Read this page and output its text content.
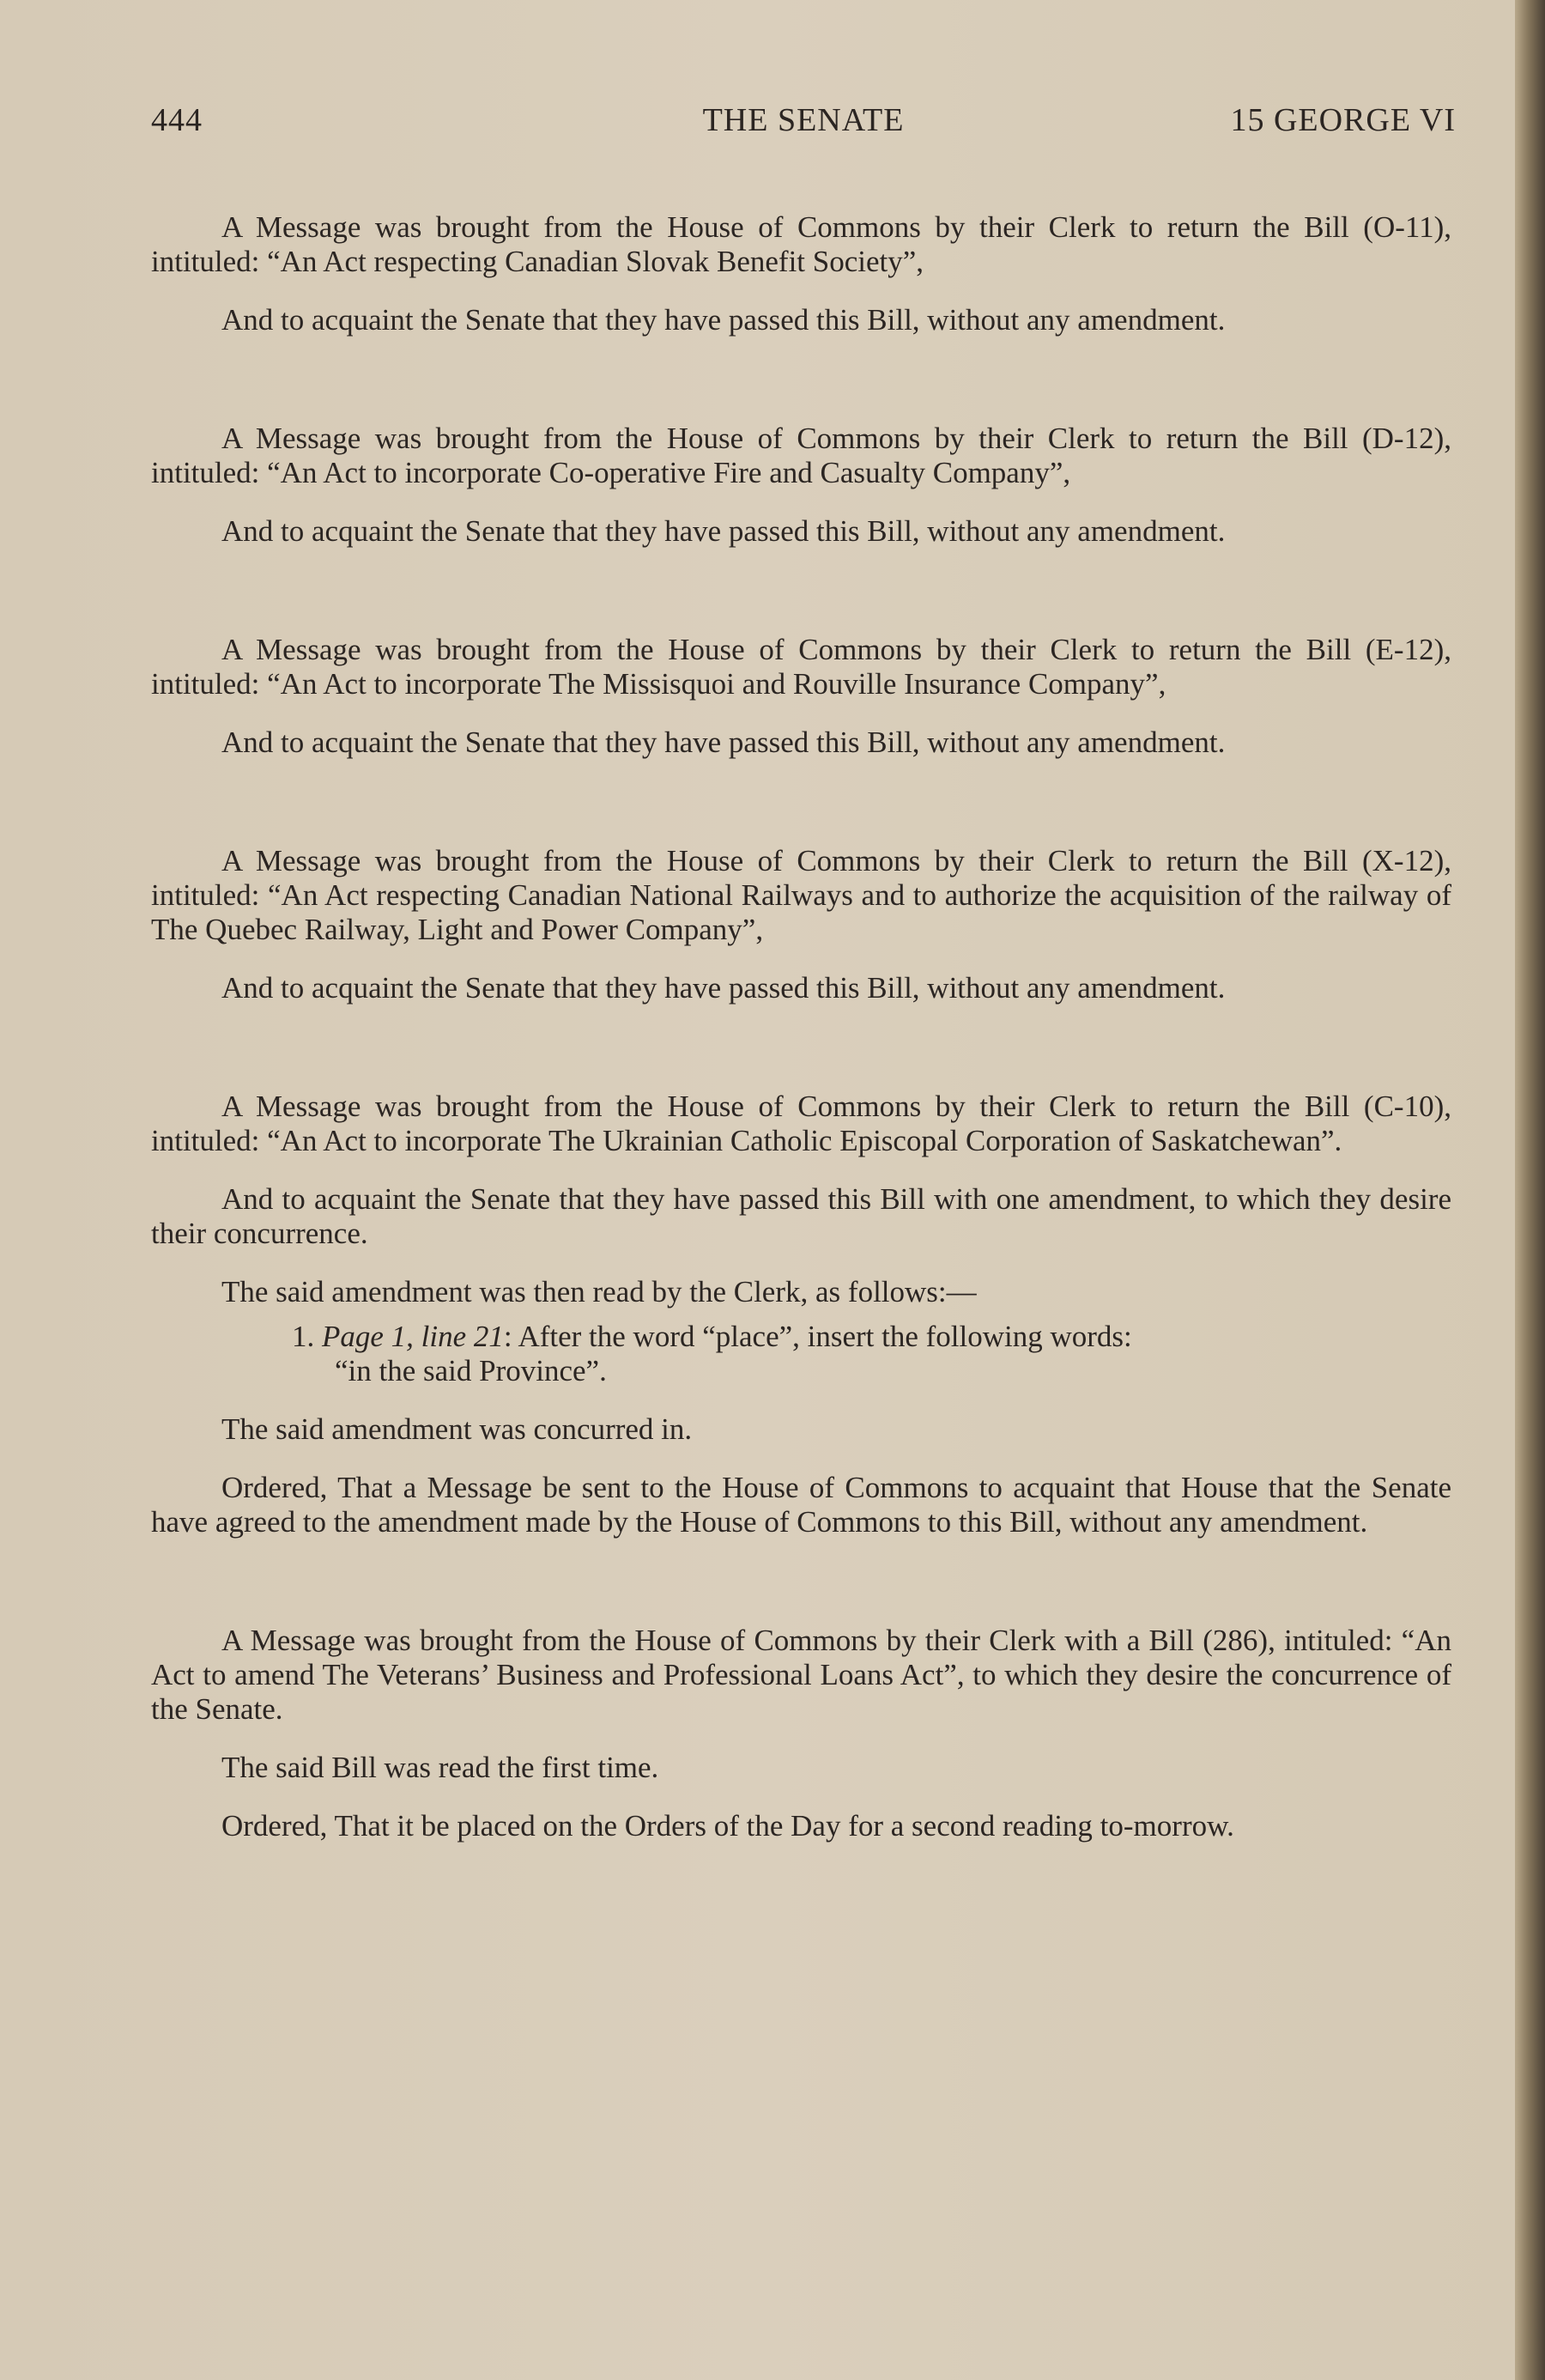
444	THE SENATE	15 GEORGE VI

A Message was brought from the House of Commons by their Clerk to return the Bill (O-11), intituled: “An Act respecting Canadian Slovak Benefit Society”,

And to acquaint the Senate that they have passed this Bill, without any amendment.

A Message was brought from the House of Commons by their Clerk to return the Bill (D-12), intituled: “An Act to incorporate Co-operative Fire and Casualty Company”,

And to acquaint the Senate that they have passed this Bill, without any amendment.

A Message was brought from the House of Commons by their Clerk to return the Bill (E-12), intituled: “An Act to incorporate The Missisquoi and Rouville Insurance Company”,

And to acquaint the Senate that they have passed this Bill, without any amendment.

A Message was brought from the House of Commons by their Clerk to return the Bill (X-12), intituled: “An Act respecting Canadian National Railways and to authorize the acquisition of the railway of The Quebec Railway, Light and Power Company”,

And to acquaint the Senate that they have passed this Bill, without any amendment.

A Message was brought from the House of Commons by their Clerk to return the Bill (C-10), intituled: “An Act to incorporate The Ukrainian Catholic Episcopal Corporation of Saskatchewan”.

And to acquaint the Senate that they have passed this Bill with one amendment, to which they desire their concurrence.

The said amendment was then read by the Clerk, as follows:—

1. Page 1, line 21: After the word “place”, insert the following words:
“in the said Province”.

The said amendment was concurred in.

Ordered, That a Message be sent to the House of Commons to acquaint that House that the Senate have agreed to the amendment made by the House of Commons to this Bill, without any amendment.

A Message was brought from the House of Commons by their Clerk with a Bill (286), intituled: “An Act to amend The Veterans’ Business and Professional Loans Act”, to which they desire the concurrence of the Senate.

The said Bill was read the first time.

Ordered, That it be placed on the Orders of the Day for a second reading to-morrow.
